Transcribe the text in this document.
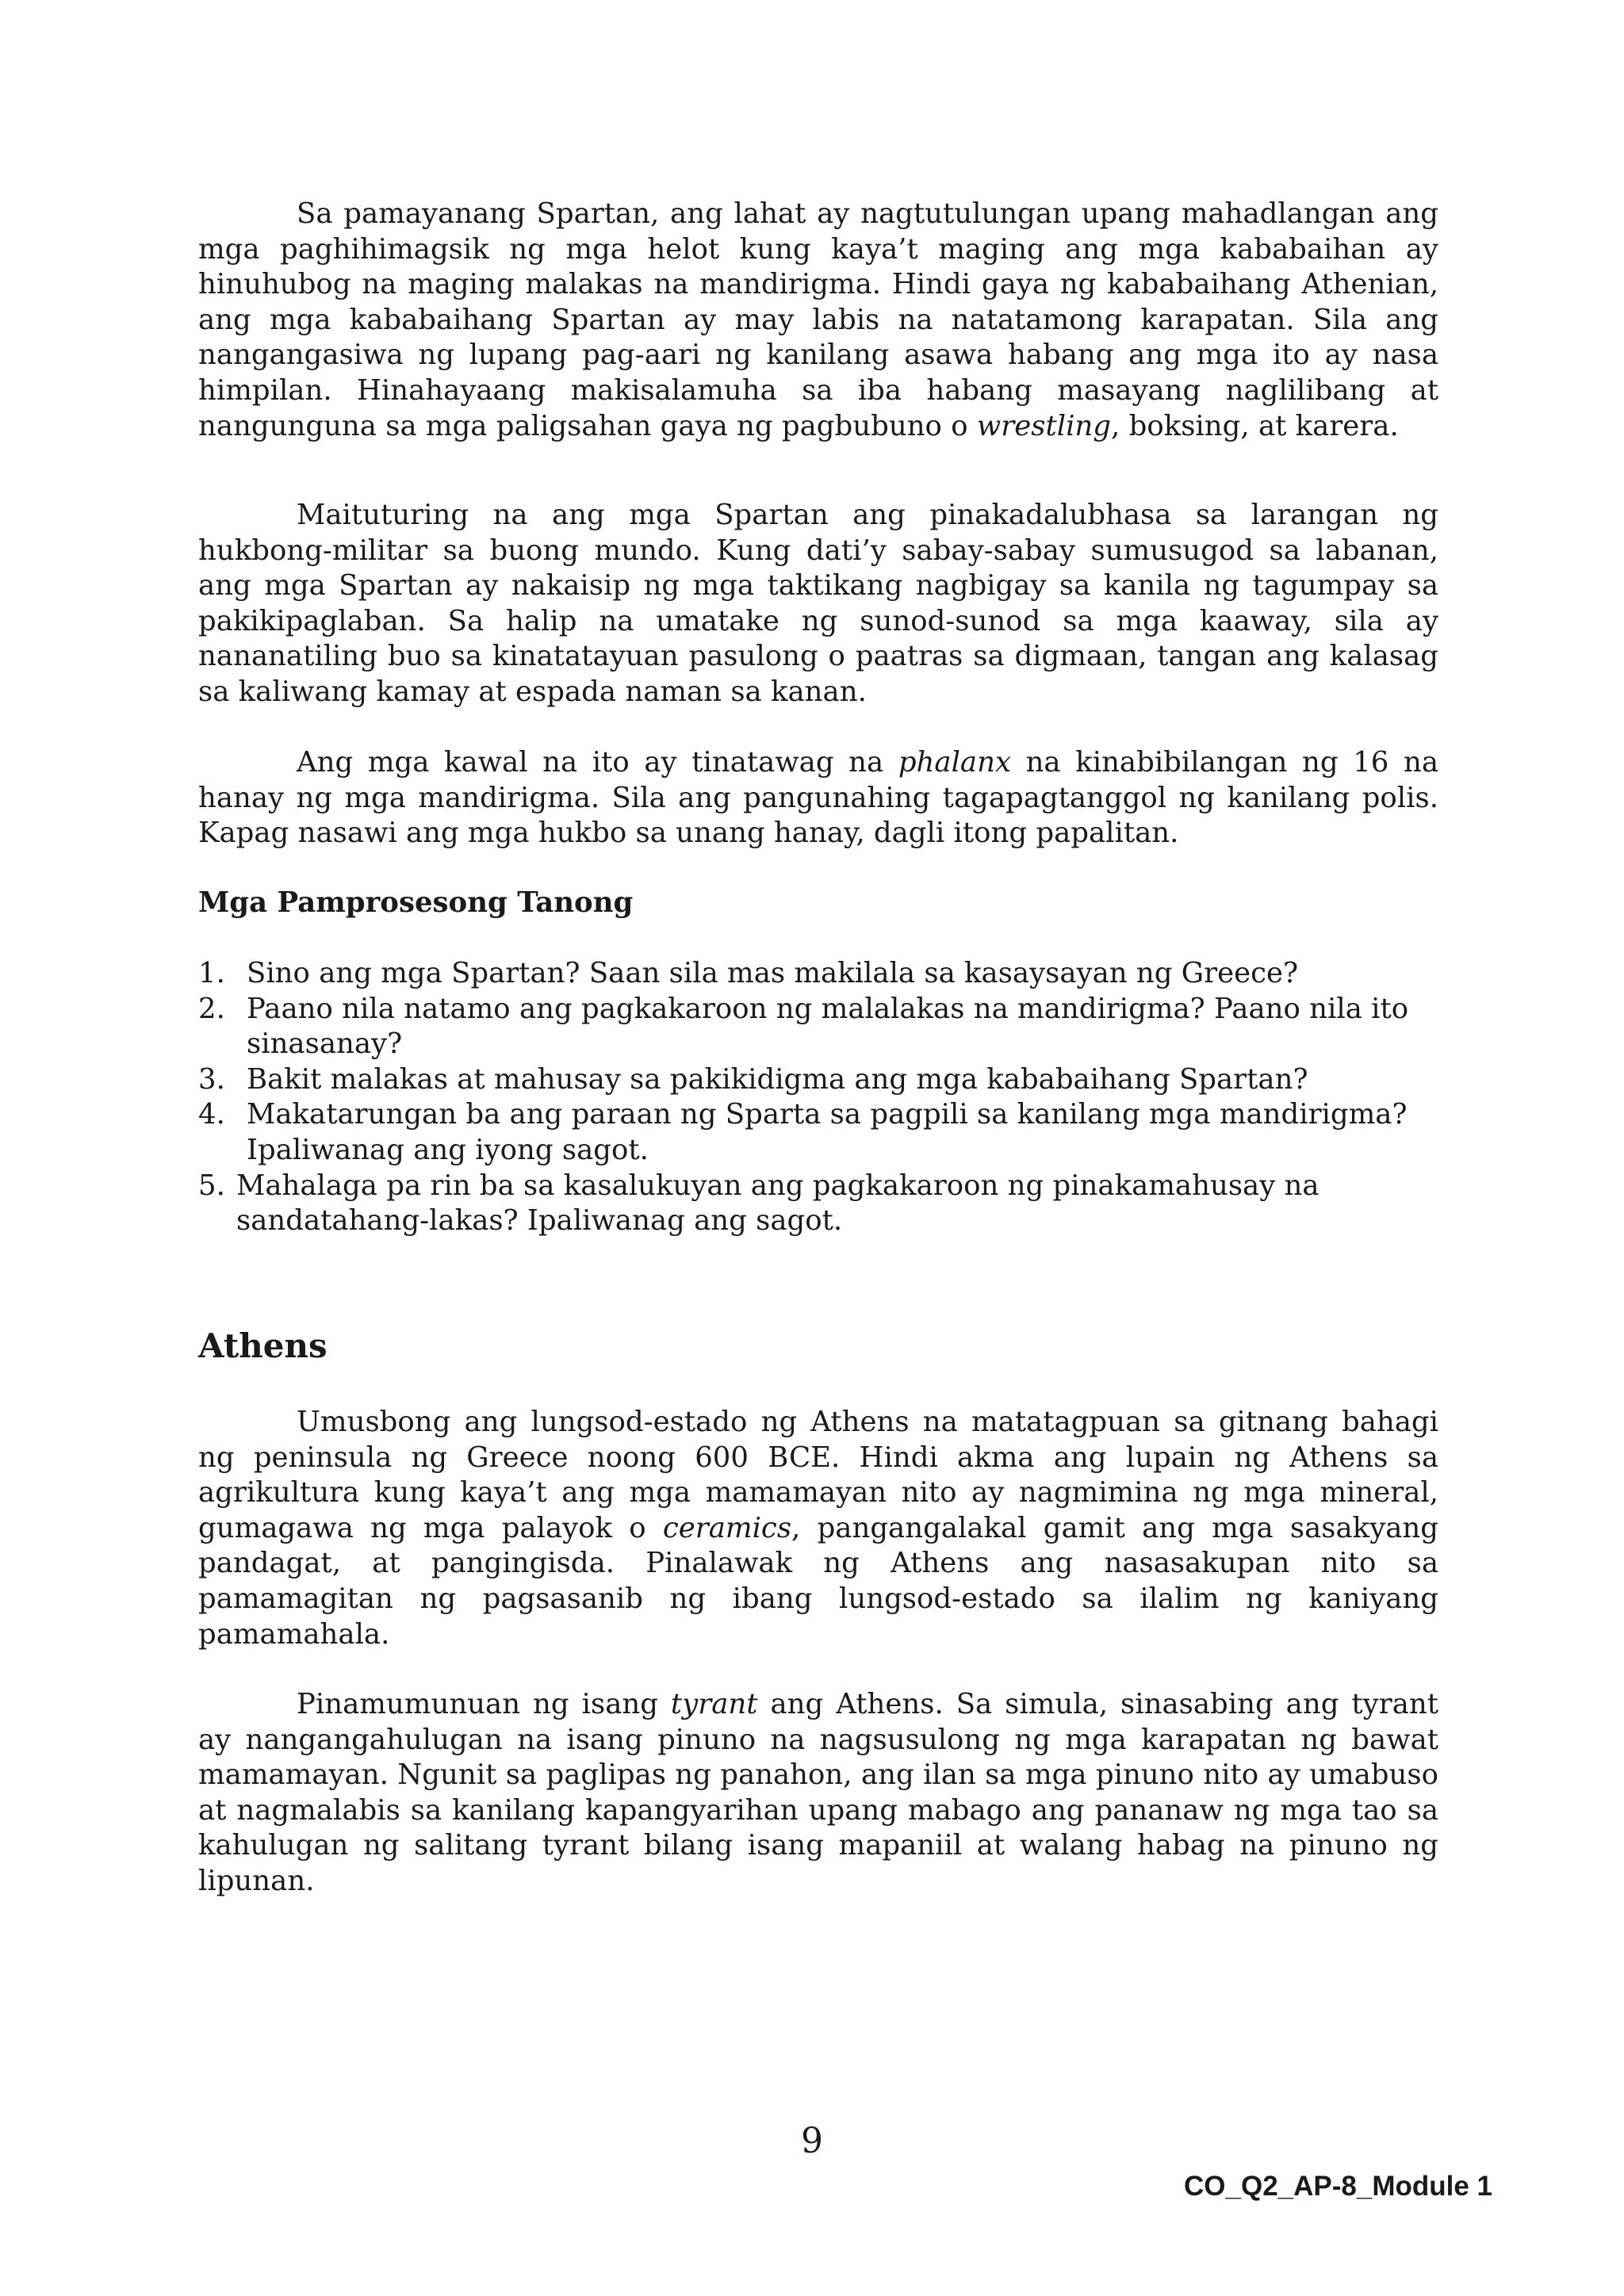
Sa pamayanang Spartan, ang lahat ay nagtutulungan upang mahadlangan ang mga paghihimagsik ng mga helot kung kaya’t maging ang mga kababaihan ay hinuhubog na maging malakas na mandirigma. Hindi gaya ng kababaihang Athenian, ang mga kababaihang Spartan ay may labis na natatamong karapatan. Sila ang nangangasiwa ng lupang pag-aari ng kanilang asawa habang ang mga ito ay nasa himpilan. Hinahayaang makisalamuha sa iba habang masayang naglilibang at nangunguna sa mga paligsahan gaya ng pagbubuno o wrestling, boksing, at karera.

Maituturing na ang mga Spartan ang pinakadalubhasa sa larangan ng hukbong-militar sa buong mundo. Kung dati’y sabay-sabay sumusugod sa labanan, ang mga Spartan ay nakaisip ng mga taktikang nagbigay sa kanila ng tagumpay sa pakikipaglaban. Sa halip na umatake ng sunod-sunod sa mga kaaway, sila ay nananatiling buo sa kinatatayuan pasulong o paatras sa digmaan, tangan ang kalasag sa kaliwang kamay at espada naman sa kanan.

Ang mga kawal na ito ay tinatawag na phalanx na kinabibilangan ng 16 na hanay ng mga mandirigma. Sila ang pangunahing tagapagtanggol ng kanilang polis. Kapag nasawi ang mga hukbo sa unang hanay, dagli itong papalitan.

Mga Pamprosesong Tanong

1. Sino ang mga Spartan? Saan sila mas makilala sa kasaysayan ng Greece?
2. Paano nila natamo ang pagkakaroon ng malalakas na mandirigma? Paano nila ito sinasanay?
3. Bakit malakas at mahusay sa pakikidigma ang mga kababaihang Spartan?
4. Makatarungan ba ang paraan ng Sparta sa pagpili sa kanilang mga mandirigma? Ipaliwanag ang iyong sagot.
5. Mahalaga pa rin ba sa kasalukuyan ang pagkakaroon ng pinakamahusay na sandatahang-lakas? Ipaliwanag ang sagot.
Athens

Umusbong ang lungsod-estado ng Athens na matatagpuan sa gitnang bahagi ng peninsula ng Greece noong 600 BCE. Hindi akma ang lupain ng Athens sa agrikultura kung kaya’t ang mga mamamayan nito ay nagmimina ng mga mineral, gumagawa ng mga palayok o ceramics, pangangalakal gamit ang mga sasakyang pandagat, at pangingisda. Pinalawak ng Athens ang nasasakupan nito sa pamamagitan ng pagsasanib ng ibang lungsod-estado sa ilalim ng kaniyang pamamahala.

Pinamumunuan ng isang tyrant ang Athens. Sa simula, sinasabing ang tyrant ay nangangahulugan na isang pinuno na nagsusulong ng mga karapatan ng bawat mamamayan. Ngunit sa paglipas ng panahon, ang ilan sa mga pinuno nito ay umabuso at nagmalabis sa kanilang kapangyarihan upang mabago ang pananaw ng mga tao sa kahulugan ng salitang tyrant bilang isang mapaniil at walang habag na pinuno ng lipunan.

9
CO_Q2_AP-8_Module 1
